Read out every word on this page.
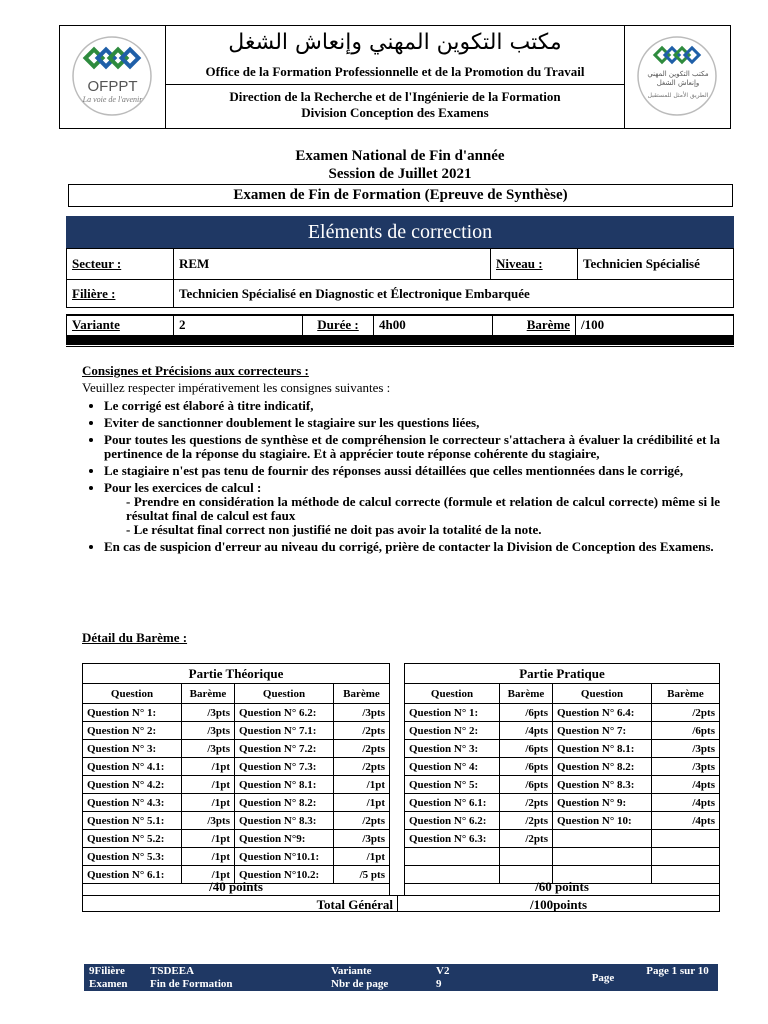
OFPPT
La voie de l'avenir
مكتب التكوين المهني وإنعاش الشغل
Office de la Formation Professionnelle et de la Promotion du Travail
Direction de la Recherche et de l'Ingénierie de la Formation
Division Conception des Examens
مكتب التكوين المهني وإنعاش الشغل
الطريق الأمثل للمستقبل
Examen National de Fin d'année
Session de Juillet 2021
Examen de Fin de Formation (Epreuve de Synthèse)
Eléments de correction
Secteur :	REM	Niveau :	Technicien Spécialisé
Filière :	Technicien Spécialisé en Diagnostic et Électronique Embarquée		
Variante	2	Durée :	4h00	Barème	/100
Consignes et Précisions aux correcteurs :
Veuillez respecter impérativement les consignes suivantes :
• Le corrigé est élaboré à titre indicatif,
• Eviter de sanctionner doublement le stagiaire sur les questions liées,
• Pour toutes les questions de synthèse et de compréhension le correcteur s'attachera à évaluer la crédibilité et la pertinence de la réponse du stagiaire. Et à apprécier toute réponse cohérente du stagiaire,
• Le stagiaire n'est pas tenu de fournir des réponses aussi détaillées que celles mentionnées dans le corrigé,
• Pour les exercices de calcul :
- Prendre en considération la méthode de calcul correcte (formule et relation de calcul correcte) même si le résultat final de calcul est faux
- Le résultat final correct non justifié ne doit pas avoir la totalité de la note.
• En cas de suspicion d'erreur au niveau du corrigé, prière de contacter la Division de Conception des Examens.
Détail du Barème :
Partie Théorique			
Question	Barème	Question	Barème
Question N° 1:	/3pts	Question N° 6.2:	/3pts
Question N° 2:	/3pts	Question N° 7.1:	/2pts
Question N° 3:	/3pts	Question N° 7.2:	/2pts
Question N° 4.1:	/1pt	Question N° 7.3:	/2pts
Question N° 4.2:	/1pt	Question N° 8.1:	/1pt
Question N° 4.3:	/1pt	Question N° 8.2:	/1pt
Question N° 5.1:	/3pts	Question N° 8.3:	/2pts
Question N° 5.2:	/1pt	Question N°9:	/3pts
Question N° 5.3:	/1pt	Question N°10.1:	/1pt
Question N° 6.1:	/1pt	Question N°10.2:	/5 pts
Partie Pratique			
Question	Barème	Question	Barème
Question N° 1:	/6pts	Question N° 6.4:	/2pts
Question N° 2:	/4pts	Question N° 7:	/6pts
Question N° 3:	/6pts	Question N° 8.1:	/3pts
Question N° 4:	/6pts	Question N° 8.2:	/3pts
Question N° 5:	/6pts	Question N° 8.3:	/4pts
Question N° 6.1:	/2pts	Question N° 9:	/4pts
Question N° 6.2:	/2pts	Question N° 10:	/4pts
Question N° 6.3:	/2pts		

/40 points	/60 points
Total Général	/100points
9Filière	TSDEEA	Variante	V2	Page	Page 1 sur 10
Examen	Fin de Formation	Nbr de page	9		
